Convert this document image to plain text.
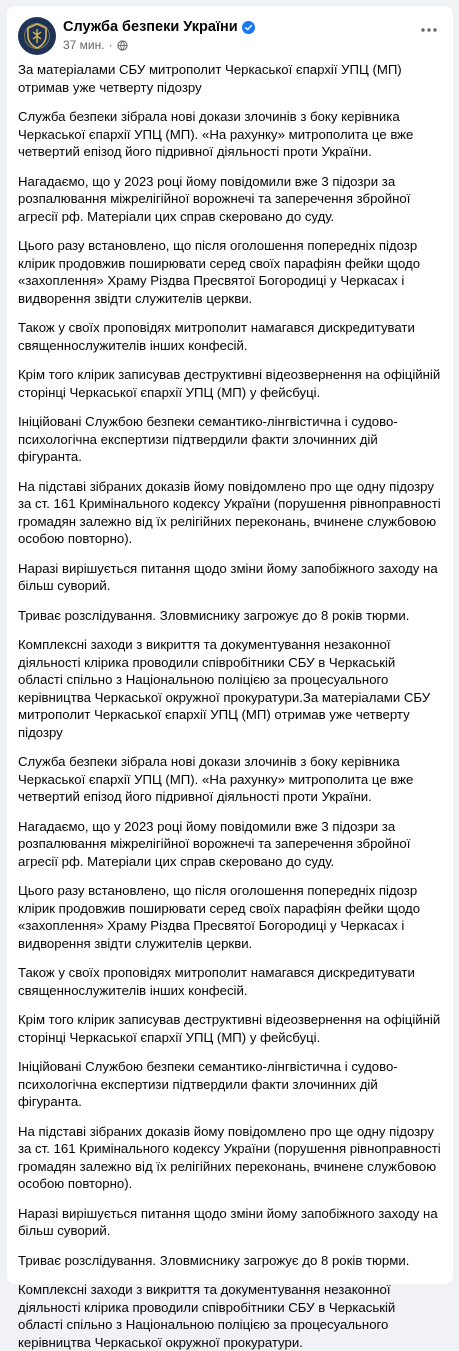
Служба безпеки України
37 мин. ·

За матеріалами СБУ митрополит Черкаської єпархії УПЦ (МП) отримав уже четверту підозру

Служба безпеки зібрала нові докази злочинів з боку керівника Черкаської єпархії УПЦ (МП). «На рахунку» митрополита це вже четвертий епізод його підривної діяльності проти України.

Нагадаємо, що у 2023 році йому повідомили вже 3 підозри за розпалювання міжрелігійної ворожнечі та заперечення збройної агресії рф. Матеріали цих справ скеровано до суду.

Цього разу встановлено, що після оголошення попередніх підозр клірик продовжив поширювати серед своїх парафіян фейки щодо «захоплення» Храму Різдва Пресвятої Богородиці у Черкасах і видворення звідти служителів церкви.

Також у своїх проповідях митрополит намагався дискредитувати священнослужителів інших конфесій.

Крім того клірик записував деструктивні відеозвернення на офіційній сторінці Черкаської єпархії УПЦ (МП) у фейсбуці.

Ініційовані Службою безпеки семантико-лінгвістична і судово-психологічна експертизи підтвердили факти злочинних дій фігуранта.

На підставі зібраних доказів йому повідомлено про ще одну підозру за ст. 161 Кримінального кодексу України (порушення рівноправності громадян залежно від їх релігійних переконань, вчинене службовою особою повторно).

Наразі вирішується питання щодо зміни йому запобіжного заходу на більш суворий.

Триває розслідування. Зловмиснику загрожує до 8 років тюрми.

Комплексні заходи з викриття та документування незаконної діяльності клірика проводили співробітники СБУ в Черкаській області спільно з Національною поліцією за процесуального керівництва Черкаської окружної прокуратури.За матеріалами СБУ митрополит Черкаської єпархії УПЦ (МП) отримав уже четверту підозру

Служба безпеки зібрала нові докази злочинів з боку керівника Черкаської єпархії УПЦ (МП). «На рахунку» митрополита це вже четвертий епізод його підривної діяльності проти України.

Нагадаємо, що у 2023 році йому повідомили вже 3 підозри за розпалювання міжрелігійної ворожнечі та заперечення збройної агресії рф. Матеріали цих справ скеровано до суду.

Цього разу встановлено, що після оголошення попередніх підозр клірик продовжив поширювати серед своїх парафіян фейки щодо «захоплення» Храму Різдва Пресвятої Богородиці у Черкасах і видворення звідти служителів церкви.

Також у своїх проповідях митрополит намагався дискредитувати священнослужителів інших конфесій.

Крім того клірик записував деструктивні відеозвернення на офіційній сторінці Черкаської єпархії УПЦ (МП) у фейсбуці.

Ініційовані Службою безпеки семантико-лінгвістична і судово-психологічна експертизи підтвердили факти злочинних дій фігуранта.

На підставі зібраних доказів йому повідомлено про ще одну підозру за ст. 161 Кримінального кодексу України (порушення рівноправності громадян залежно від їх релігійних переконань, вчинене службовою особою повторно).

Наразі вирішується питання щодо зміни йому запобіжного заходу на більш суворий.

Триває розслідування. Зловмиснику загрожує до 8 років тюрми.

Комплексні заходи з викриття та документування незаконної діяльності клірика проводили співробітники СБУ в Черкаській області спільно з Національною поліцією за процесуального керівництва Черкаської окружної прокуратури.
